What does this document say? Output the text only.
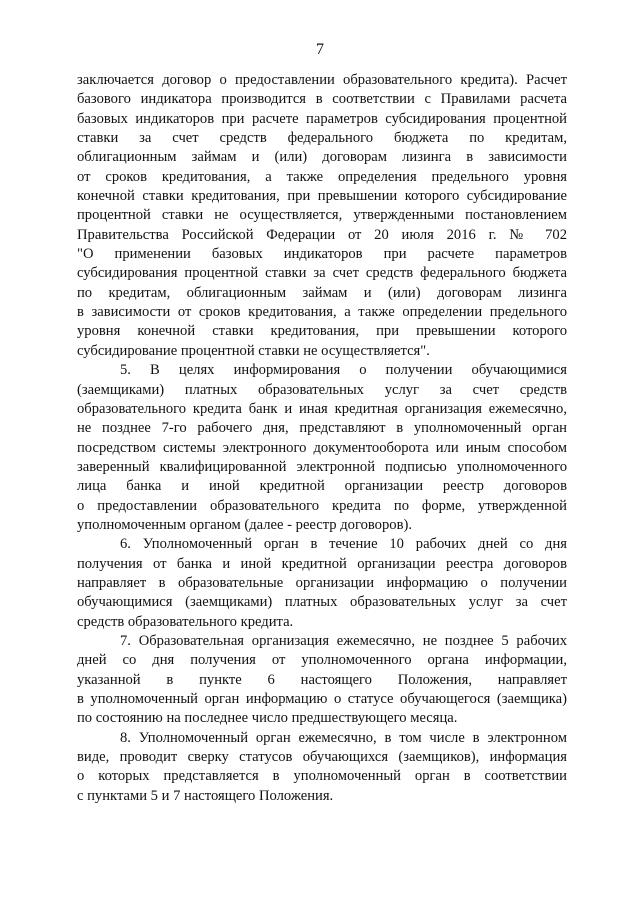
7
заключается договор о предоставлении образовательного кредита). Расчет
базового индикатора производится в соответствии с Правилами расчета
базовых индикаторов при расчете параметров субсидирования процентной
ставки за счет средств федерального бюджета по кредитам,
облигационным займам и (или) договорам лизинга в зависимости
от сроков кредитования, а также определения предельного уровня
конечной ставки кредитования, при превышении которого субсидирование
процентной ставки не осуществляется, утвержденными постановлением
Правительства Российской Федерации от 20 июля 2016 г. № 702
"О применении базовых индикаторов при расчете параметров
субсидирования процентной ставки за счет средств федерального бюджета
по кредитам, облигационным займам и (или) договорам лизинга
в зависимости от сроков кредитования, а также определении предельного
уровня конечной ставки кредитования, при превышении которого
субсидирование процентной ставки не осуществляется".
5. В целях информирования о получении обучающимися
(заемщиками) платных образовательных услуг за счет средств
образовательного кредита банк и иная кредитная организация ежемесячно,
не позднее 7-го рабочего дня, представляют в уполномоченный орган
посредством системы электронного документооборота или иным способом
заверенный квалифицированной электронной подписью уполномоченного
лица банка и иной кредитной организации реестр договоров
о предоставлении образовательного кредита по форме, утвержденной
уполномоченным органом (далее - реестр договоров).
6. Уполномоченный орган в течение 10 рабочих дней со дня
получения от банка и иной кредитной организации реестра договоров
направляет в образовательные организации информацию о получении
обучающимися (заемщиками) платных образовательных услуг за счет
средств образовательного кредита.
7. Образовательная организация ежемесячно, не позднее 5 рабочих
дней со дня получения от уполномоченного органа информации,
указанной в пункте 6 настоящего Положения, направляет
в уполномоченный орган информацию о статусе обучающегося (заемщика)
по состоянию на последнее число предшествующего месяца.
8. Уполномоченный орган ежемесячно, в том числе в электронном
виде, проводит сверку статусов обучающихся (заемщиков), информация
о которых представляется в уполномоченный орган в соответствии
с пунктами 5 и 7 настоящего Положения.
